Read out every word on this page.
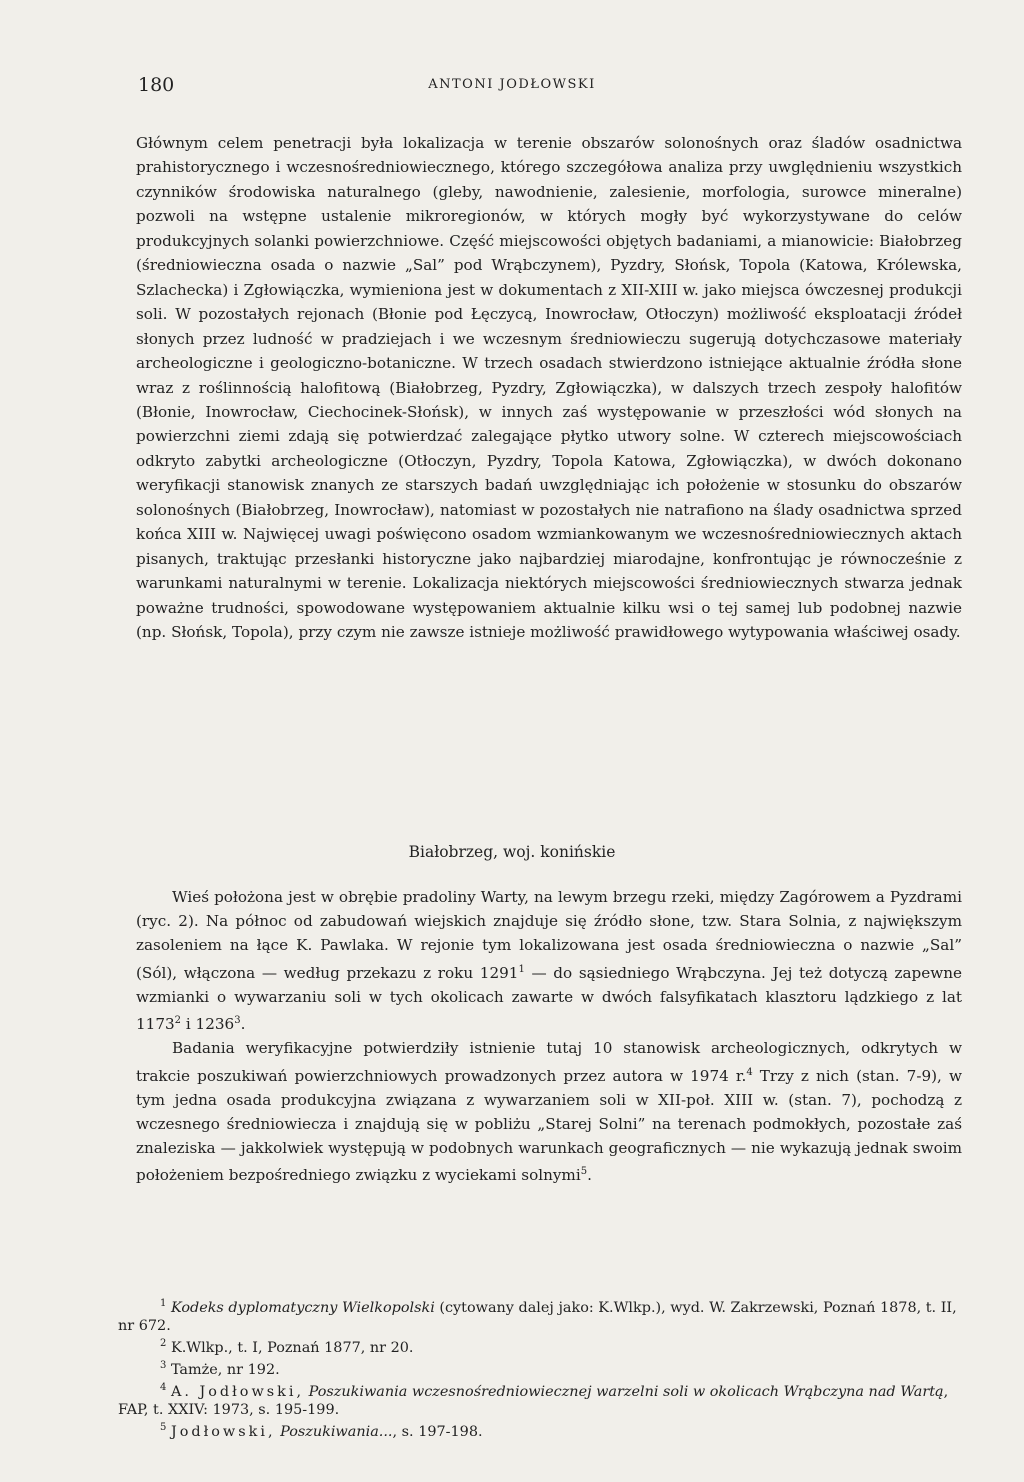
180	ANTONI JODŁOWSKI

Głównym celem penetracji była lokalizacja w terenie obszarów solonośnych oraz śladów osadnictwa prahistorycznego i wczesnośredniowiecznego, którego szczegółowa analiza przy uwględnieniu wszystkich czynników środowiska naturalnego (gleby, nawodnienie, zalesienie, morfologia, surowce mineralne) pozwoli na wstępne ustalenie mikroregionów, w których mogły być wykorzystywane do celów produkcyjnych solanki powierzchniowe. Część miejscowości objętych badaniami, a mianowicie: Białobrzeg (średniowieczna osada o nazwie „Sal” pod Wrąbczynem), Pyzdry, Słońsk, Topola (Katowa, Królewska, Szlachecka) i Zgłowiączka, wymieniona jest w dokumentach z XII-XIII w. jako miejsca ówczesnej produkcji soli. W pozostałych rejonach (Błonie pod Łęczycą, Inowrocław, Otłoczyn) możliwość eksploatacji źródeł słonych przez ludność w pradziejach i we wczesnym średniowieczu sugerują dotychczasowe materiały archeologiczne i geologiczno-botaniczne. W trzech osadach stwierdzono istniejące aktualnie źródła słone wraz z roślinnością halofitową (Białobrzeg, Pyzdry, Zgłowiączka), w dalszych trzech zespoły halofitów (Błonie, Inowrocław, Ciechocinek-Słońsk), w innych zaś występowanie w przeszłości wód słonych na powierzchni ziemi zdają się potwierdzać zalegające płytko utwory solne. W czterech miejscowościach odkryto zabytki archeologiczne (Otłoczyn, Pyzdry, Topola Katowa, Zgłowiączka), w dwóch dokonano weryfikacji stanowisk znanych ze starszych badań uwzględniając ich położenie w stosunku do obszarów solonośnych (Białobrzeg, Inowrocław), natomiast w pozostałych nie natrafiono na ślady osadnictwa sprzed końca XIII w. Najwięcej uwagi poświęcono osadom wzmiankowanym we wczesnośredniowiecznych aktach pisanych, traktując przesłanki historyczne jako najbardziej miarodajne, konfrontując je równocześnie z warunkami naturalnymi w terenie. Lokalizacja niektórych miejscowości średniowiecznych stwarza jednak poważne trudności, spowodowane występowaniem aktualnie kilku wsi o tej samej lub podobnej nazwie (np. Słońsk, Topola), przy czym nie zawsze istnieje możliwość prawidłowego wytypowania właściwej osady.

Białobrzeg, woj. konińskie

Wieś położona jest w obrębie pradoliny Warty, na lewym brzegu rzeki, między Zagórowem a Pyzdrami (ryc. 2). Na północ od zabudowań wiejskich znajduje się źródło słone, tzw. Stara Solnia, z największym zasoleniem na łące K. Pawlaka. W rejonie tym lokalizowana jest osada średniowieczna o nazwie „Sal” (Sól), włączona — według przekazu z roku 1291$^1$ — do sąsiedniego Wrąbczyna. Jej też dotyczą zapewne wzmianki o wywarzaniu soli w tych okolicach zawarte w dwóch falsyfikatach klasztoru lądzkiego z lat 1173$^2$ i 1236$^3$.

Badania weryfikacyjne potwierdziły istnienie tutaj 10 stanowisk archeologicznych, odkrytych w trakcie poszukiwań powierzchniowych prowadzonych przez autora w 1974 r.$^4$ Trzy z nich (stan. 7-9), w tym jedna osada produkcyjna związana z wywarzaniem soli w XII-poł. XIII w. (stan. 7), pochodzą z wczesnego średniowiecza i znajdują się w pobliżu „Starej Solni” na terenach podmokłych, pozostałe zaś znaleziska — jakkolwiek występują w podobnych warunkach geograficznych — nie wykazują jednak swoim położeniem bezpośredniego związku z wyciekami solnymi$^5$.

$^1$ Kodeks dyplomatyczny Wielkopolski (cytowany dalej jako: K.Wlkp.), wyd. W. Zakrzewski, Poznań 1878, t. II, nr 672.

$^2$ K.Wlkp., t. I, Poznań 1877, nr 20.

$^3$ Tamże, nr 192.

$^4$ A. Jodłowski, Poszukiwania wczesnośredniowiecznej warzelni soli w okolicach Wrąbczyna nad Wartą, FAP, t. XXIV: 1973, s. 195-199.

$^5$ Jodłowski, Poszukiwania..., s. 197-198.
